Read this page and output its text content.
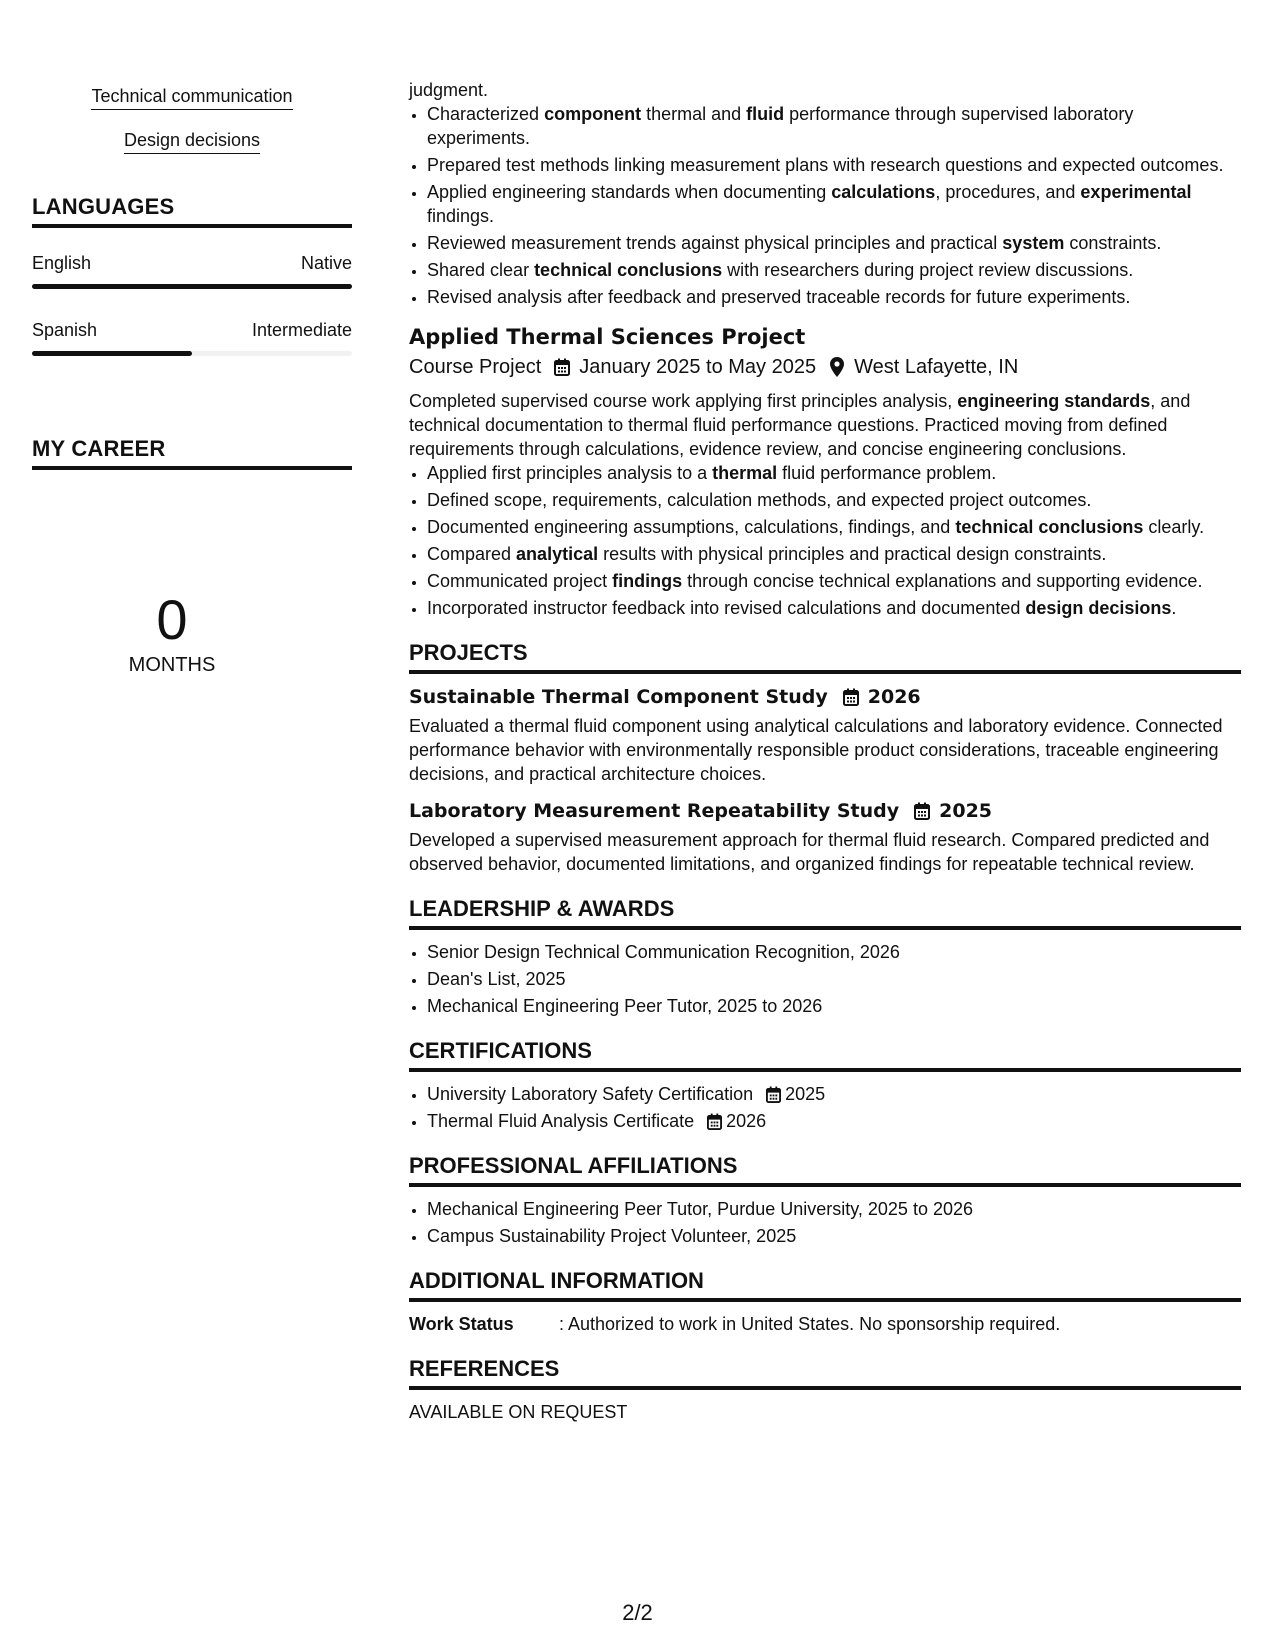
Technical communication
Design decisions
LANGUAGES
English	Native
Spanish	Intermediate
MY CAREER
0
MONTHS

judgment.

• Characterized component thermal and fluid performance through supervised laboratory experiments.
• Prepared test methods linking measurement plans with research questions and expected outcomes.
• Applied engineering standards when documenting calculations, procedures, and experimental findings.
• Reviewed measurement trends against physical principles and practical system constraints.
• Shared clear technical conclusions with researchers during project review discussions.
• Revised analysis after feedback and preserved traceable records for future experiments.
Applied Thermal Sciences Project
Course Project January 2025 to May 2025 West Lafayette, IN

Completed supervised course work applying first principles analysis, engineering standards, and technical documentation to thermal fluid performance questions. Practiced moving from defined requirements through calculations, evidence review, and concise engineering conclusions.

• Applied first principles analysis to a thermal fluid performance problem.
• Defined scope, requirements, calculation methods, and expected project outcomes.
• Documented engineering assumptions, calculations, findings, and technical conclusions clearly.
• Compared analytical results with physical principles and practical design constraints.
• Communicated project findings through concise technical explanations and supporting evidence.
• Incorporated instructor feedback into revised calculations and documented design decisions.
PROJECTS
Sustainable Thermal Component Study 2026

Evaluated a thermal fluid component using analytical calculations and laboratory evidence. Connected performance behavior with environmentally responsible product considerations, traceable engineering decisions, and practical architecture choices.

Laboratory Measurement Repeatability Study 2025

Developed a supervised measurement approach for thermal fluid research. Compared predicted and observed behavior, documented limitations, and organized findings for repeatable technical review.

LEADERSHIP & AWARDS
• Senior Design Technical Communication Recognition, 2026
• Dean's List, 2025
• Mechanical Engineering Peer Tutor, 2025 to 2026
CERTIFICATIONS
• University Laboratory Safety Certification 2025
• Thermal Fluid Analysis Certificate 2026
PROFESSIONAL AFFILIATIONS
• Mechanical Engineering Peer Tutor, Purdue University, 2025 to 2026
• Campus Sustainability Project Volunteer, 2025
ADDITIONAL INFORMATION
Work Status	: Authorized to work in United States. No sponsorship required.
REFERENCES

AVAILABLE ON REQUEST

2/2
